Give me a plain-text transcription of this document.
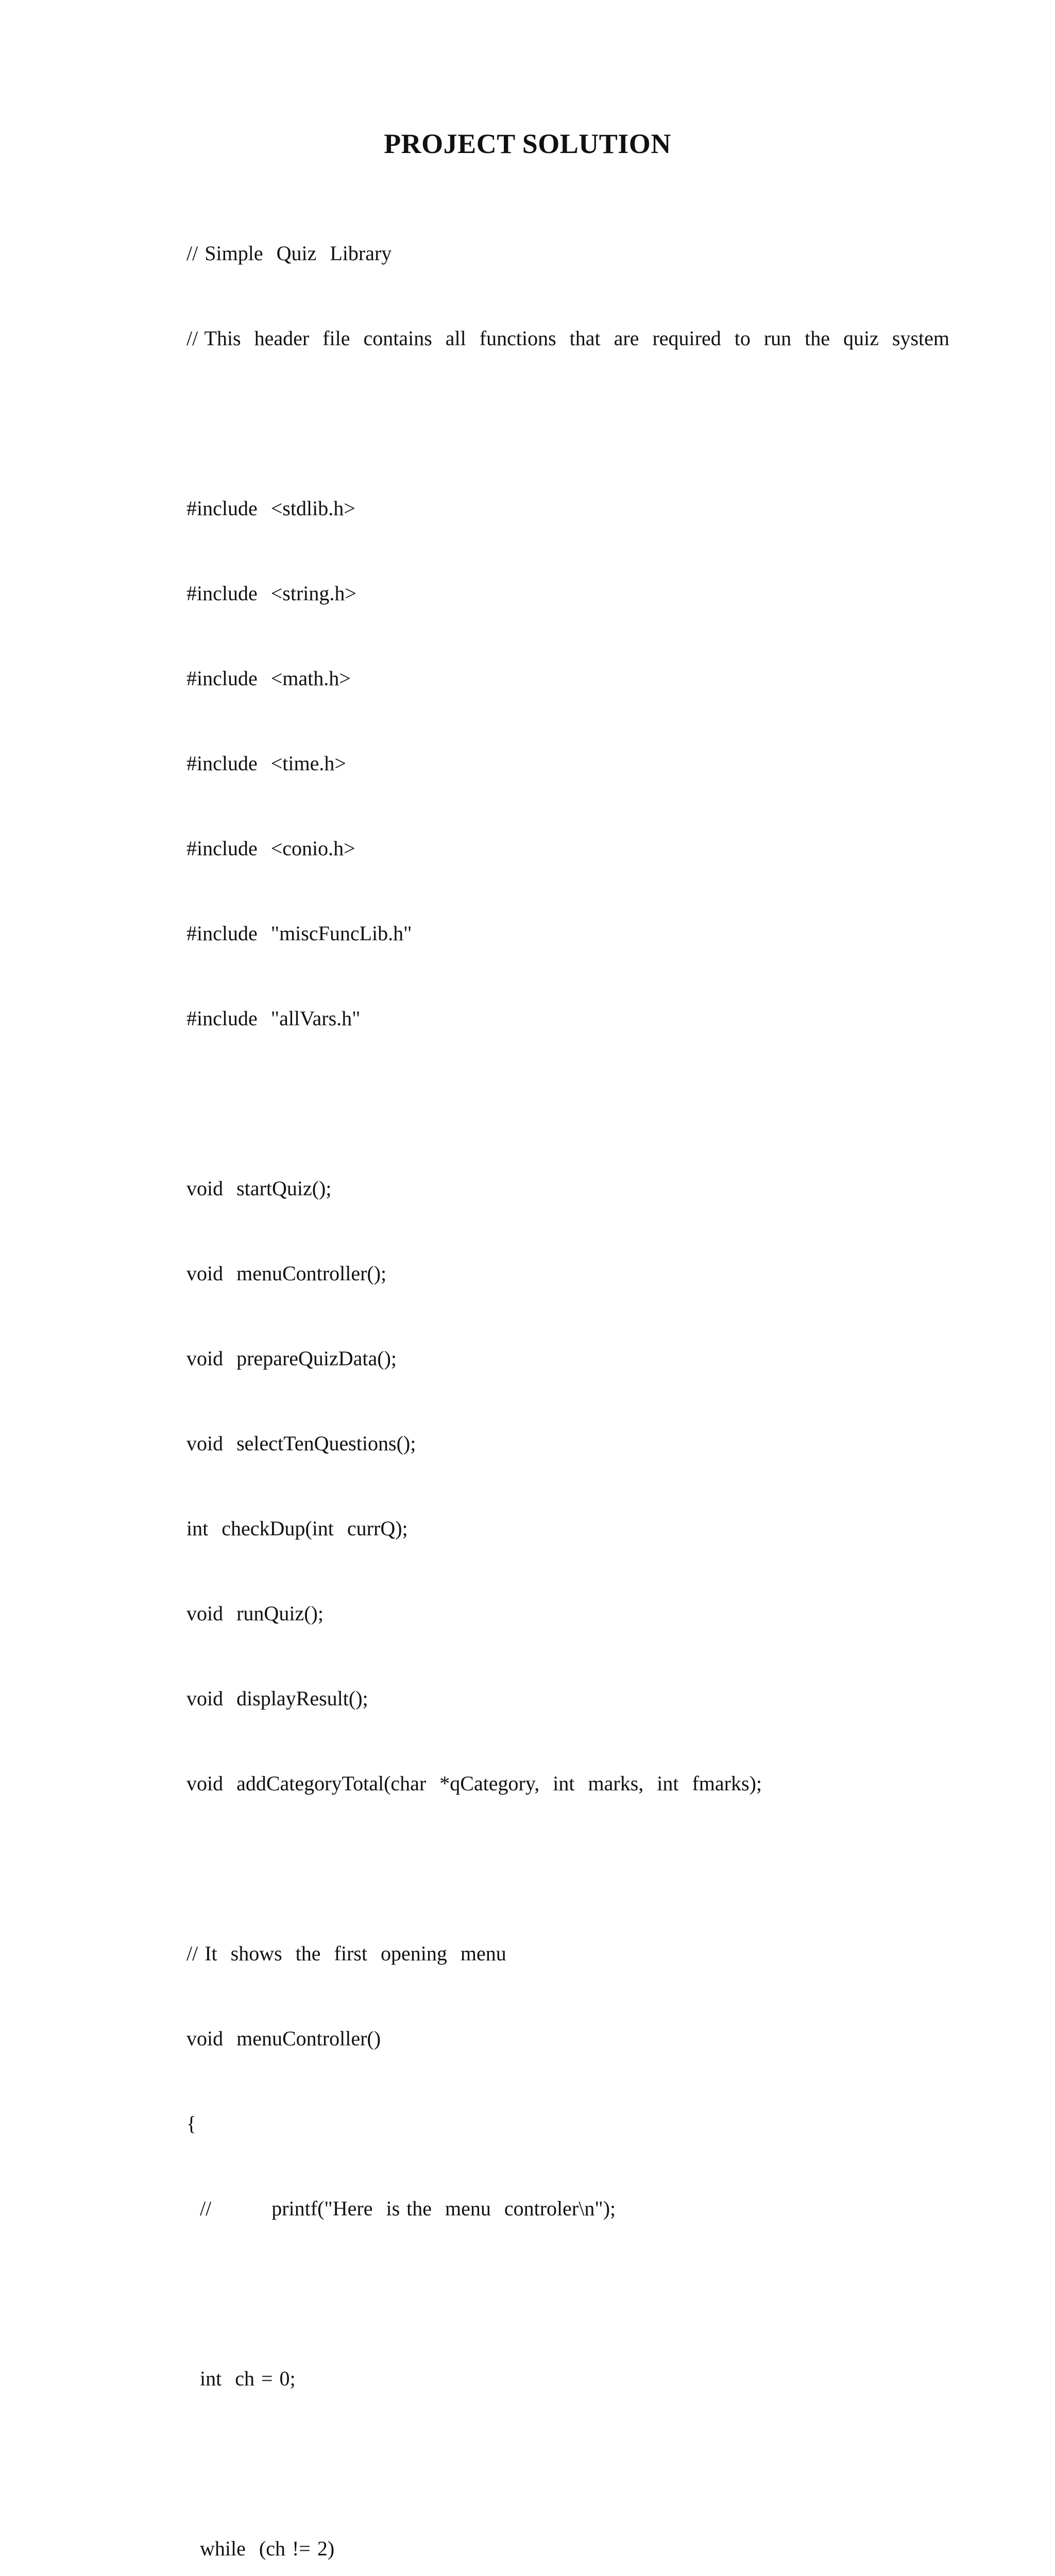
PROJECT SOLUTION

// Simple  Quiz  Library

// This  header  file  contains  all  functions  that  are  required  to  run  the  quiz  system

#include  <stdlib.h>

#include  <string.h>

#include  <math.h>

#include  <time.h>

#include  <conio.h>

#include  "miscFuncLib.h"

#include  "allVars.h"

void  startQuiz();

void  menuController();

void  prepareQuizData();

void  selectTenQuestions();

int  checkDup(int  currQ);

void  runQuiz();

void  displayResult();

void  addCategoryTotal(char  *qCategory,  int  marks,  int  fmarks);

// It  shows  the  first  opening  menu

void  menuController()

{

//         printf("Here  is the  menu  controler\n");

int  ch = 0;

while  (ch != 2)
